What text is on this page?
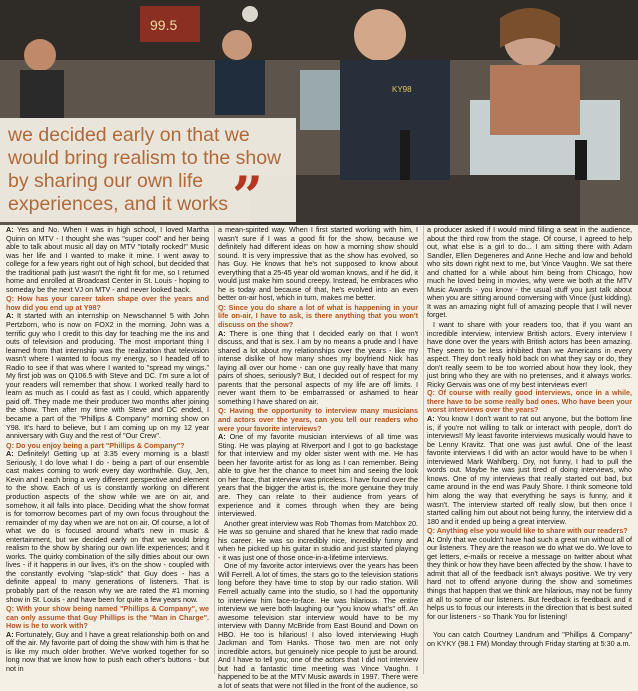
99.5
KY98

we decided early on that we would bring realism to the show by sharing our own life experiences, and it works ”

A: Yes and No. When I was in high school, I loved Martha Quinn on MTV - I thought she was "super cool" and her being able to talk about music all day on MTV "totally rocked!" Music was her life and I wanted to make it mine. I went away to college for a few years right out of high school, but decided that the traditional path just wasn't the right fit for me, so I returned home and enrolled at Broadcast Center in St. Louis - hoping to someday be the next VJ on MTV - and never looked back.

Q: How has your career taken shape over the years and how did you end up at Y98?

A: It started with an internship on Newschannel 5 with John Pertzborn, who is now on FOX2 in the morning. John was a terrific guy who I credit to this day for teaching me the ins and outs of television and producing. The most important thing I learned from that internship was the realization that television wasn't where I wanted to focus my energy, so I headed off to Radio to see if that was where I wanted to "spread my wings." My first job was on Q106.5 with Steve and DC. I'm sure a lot of your readers will remember that show. I worked really hard to learn as much as I could as fast as I could, which apparently paid off. They made me their producer two months after joining the show. Then after my time with Steve and DC ended, I became a part of the "Phillips & Company" morning show on Y98. It's hard to believe, but I am coming up on my 12 year anniversary with Guy and the rest of "Our Crew".

Q: Do you enjoy being a part "Phillips & Company"?

A: Definitely! Getting up at 3:35 every morning is a blast! Seriously, I do love what I do - being a part of our ensemble cast makes coming to work every day worthwhile. Guy, Jen, Kevin and I each bring a very different perspective and element to the show. Each of us is constantly working on different production aspects of the show while we are on air, and somehow, it all falls into place. Deciding what the show format is for tomorrow becomes part of my own focus throughout the remainder of my day when we are not on air. Of course, a lot of what we do is focused around what's new in music & entertainment, but we decided early on that we would bring realism to the show by sharing our own life experiences; and it works. The quirky combination of the silly ditties about our own lives - if it happens in our lives, it's on the show - coupled with the constantly evolving "slap-stick" that Guy does - has a definite appeal to many generations of listeners. That is probably part of the reason why we are rated the #1 morning show in St. Louis - and have been for quite a few years now.

Q: With your show being named "Phillips & Company", we can only assume that Guy Phillips is the "Man in Charge". How is he to work with?

A: Fortunately, Guy and I have a great relationship both on and off the air. My favorite part of doing the show with him is that he is like my much older brother. We've worked together for so long now that we know how to push each other's buttons - but not in

a mean-spirited way. When I first started working with him, I wasn't sure if I was a good fit for the show, because we definitely had different ideas on how a morning show should sound. It is very impressive that as the show has evolved, so has Guy. He knows that he's not supposed to know about everything that a 25-45 year old woman knows, and if he did, it would just make him sound creepy. Instead, he embraces who he is today and because of that, he's evolved into an even better on-air host, which in turn, makes me better.

Q: Since you do share a lot of what is happening in your life on-air, I have to ask, is there anything that you won't discuss on the show?

A: There is one thing that I decided early on that I won't discuss, and that is sex. I am by no means a prude and I have shared a lot about my relationships over the years - like my intense dislike of how many shoes my boyfriend Nick has laying all over our home - can one guy really have that many pairs of shoes, seriously? But, I decided out of respect for my parents that the personal aspects of my life are off limits. I never want them to be embarrassed or ashamed to hear something I have shared on air.

Q: Having the opportunity to interview many musicians and actors over the years, can you tell our readers who were your favorite interviews?

A: One of my favorite musician interviews of all time was Sting. He was playing at Riverport and I got to go backstage for that interview and my older sister went with me. He has been her favorite artist for as long as I can remember. Being able to give her the chance to meet him and seeing the look on her face, that interview was priceless. I have found over the years that the bigger the artist is, the more genuine they truly are. They can relate to their audience from years of experience and it comes through when they are being interviewed.

Another great interview was Rob Thomas from Matchbox 20. He was so genuine and shared that he knew that radio made his career. He was so incredibly nice, incredibly funny and when he picked up his guitar in studio and just started playing - it was just one of those once-in-a-lifetime interviews.

One of my favorite actor interviews over the years has been Will Ferrell. A lot of times, the stars go to the television stations long before they have time to stop by our radio station. Will Ferrell actually came into the studio, so I had the opportunity to interview him face-to-face. He was hilarious. The entire interview we were both laughing our "you know what's" off. An awesome television star interview would have to be my interview with Danny McBride from East Bound and Down on HBO. He too is hilarious! I also loved interviewing Hugh Jackman and Tom Hanks. Those two men are not only incredible actors, but genuinely nice people to just be around. And I have to tell you; one of the actors that I did not interview but had a fantastic time meeting was Vince Vaughn. I happened to be at the MTV Music awards in 1997. There were a lot of seats that were not filled in the front of the audience, so

a producer asked if I would mind filling a seat in the audience, about the third row from the stage. Of course, I agreed to help out, what else is a girl to do... I am sitting there with Adam Sandler, Ellen Degeneres and Anne Heche and low and behold who sits down right next to me, but Vince Vaughn. We sat there and chatted for a while about him being from Chicago, how much he loved being in movies, why were we both at the MTV Music Awards - you know - the usual stuff you just talk about when you are sitting around conversing with Vince (just kidding). It was an amazing night full of amazing people that I will never forget.

I want to share with your readers too, that if you want an incredible interview, interview British actors. Every interview I have done over the years with British actors has been amazing. They seem to be less inhibited than we Americans in every aspect. They don't really hold back on what they say or do, they don't really seem to be too worried about how they look, they just bring who they are with no pretenses, and it always works. Ricky Gervais was one of my best interviews ever!

Q: Of course with really good interviews, once in a while, there have to be some really bad ones. Who have been your worst interviews over the years?

A: You know I don't want to rat out anyone, but the bottom line is, if you're not willing to talk or interact with people, don't do interviews!! My least favorite interviews musically would have to be Lenny Kravitz. That one was just awful. One of the least favorite interviews I did with an actor would have to be when I interviewed Mark Wahlberg. Dry, not funny, I had to pull the words out. Maybe he was just tired of doing interviews, who knows. One of my interviews that really started out bad, but came around in the end was Pauly Shore. I think someone told him along the way that everything he says is funny, and it wasn't. The interview started off really slow, but then once I started calling him out about not being funny, the interview did a 180 and it ended up being a great interview.

Q: Anything else you would like to share with our readers?

A: Only that we couldn't have had such a great run without all of our listeners. They are the reason we do what we do. We love to get letters, e-mails or receive a message on twitter about what they think or how they have been affected by the show. I have to admit that all of the feedback isn't always positive. We try very hard not to offend anyone during the show and sometimes things that happen that we think are hilarious, may not be funny at all to some of our listeners. But feedback is feedback and it helps us to focus our interests in the direction that is best suited for our listeners - so Thank You for listening!

You can catch Courtney Landrum and "Phillips & Company" on KYKY (98.1 FM) Monday through Friday starting at 5:30 a.m.
